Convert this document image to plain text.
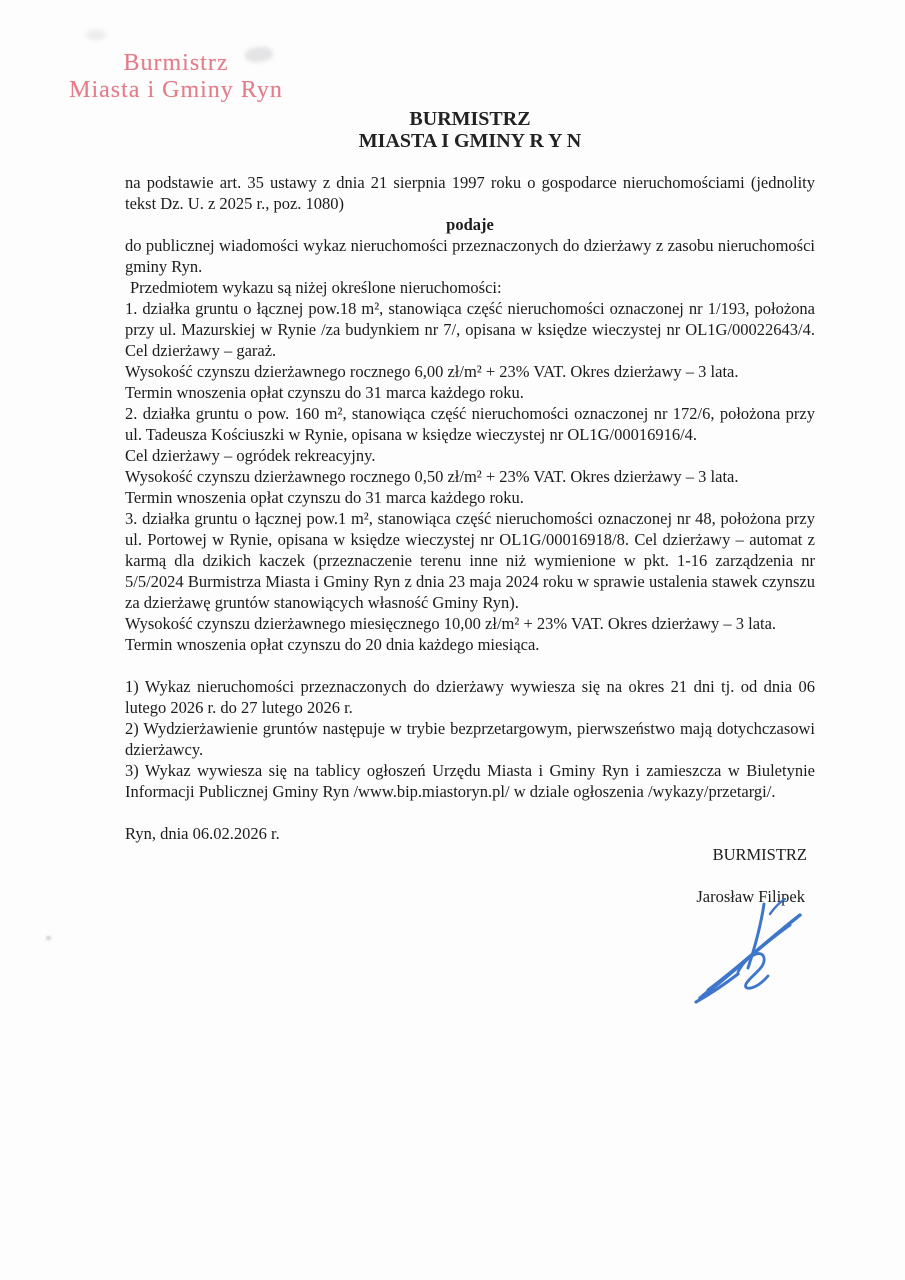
Burmistrz
Miasta i Gminy Ryn
BURMISTRZ
MIASTA I GMINY R Y N

na podstawie art. 35 ustawy z dnia 21 sierpnia 1997 roku o gospodarce nieruchomościami (jednolity tekst Dz. U. z 2025 r., poz. 1080)

podaje

do publicznej wiadomości wykaz nieruchomości przeznaczonych do dzierżawy z zasobu nieruchomości gminy Ryn.

Przedmiotem wykazu są niżej określone nieruchomości:

1. działka gruntu o łącznej pow.18 m², stanowiąca część nieruchomości oznaczonej nr 1/193, położona przy ul. Mazurskiej w Rynie /za budynkiem nr 7/, opisana w księdze wieczystej nr OL1G/00022643/4. Cel dzierżawy – garaż.

Wysokość czynszu dzierżawnego rocznego 6,00 zł/m² + 23% VAT. Okres dzierżawy – 3 lata.

Termin wnoszenia opłat czynszu do 31 marca każdego roku.

2. działka gruntu o pow. 160 m², stanowiąca część nieruchomości oznaczonej nr 172/6, położona przy ul. Tadeusza Kościuszki w Rynie, opisana w księdze wieczystej nr OL1G/00016916/4.

Cel dzierżawy – ogródek rekreacyjny.

Wysokość czynszu dzierżawnego rocznego 0,50 zł/m² + 23% VAT. Okres dzierżawy – 3 lata.

Termin wnoszenia opłat czynszu do 31 marca każdego roku.

3. działka gruntu o łącznej pow.1 m², stanowiąca część nieruchomości oznaczonej nr 48, położona przy ul. Portowej w Rynie, opisana w księdze wieczystej nr OL1G/00016918/8. Cel dzierżawy – automat z karmą dla dzikich kaczek (przeznaczenie terenu inne niż wymienione w pkt. 1-16 zarządzenia nr 5/5/2024 Burmistrza Miasta i Gminy Ryn z dnia 23 maja 2024 roku w sprawie ustalenia stawek czynszu za dzierżawę gruntów stanowiących własność Gminy Ryn).

Wysokość czynszu dzierżawnego miesięcznego 10,00 zł/m² + 23% VAT. Okres dzierżawy – 3 lata.

Termin wnoszenia opłat czynszu do 20 dnia każdego miesiąca.

1) Wykaz nieruchomości przeznaczonych do dzierżawy wywiesza się na okres 21 dni tj. od dnia 06 lutego 2026 r. do 27 lutego 2026 r.

2) Wydzierżawienie gruntów następuje w trybie bezprzetargowym, pierwszeństwo mają dotychczasowi dzierżawcy.

3) Wykaz wywiesza się na tablicy ogłoszeń Urzędu Miasta i Gminy Ryn i zamieszcza w Biuletynie Informacji Publicznej Gminy Ryn /www.bip.miastoryn.pl/ w dziale ogłoszenia /wykazy/przetargi/.

Ryn, dnia 06.02.2026 r.

BURMISTRZ

Jarosław Filipek
